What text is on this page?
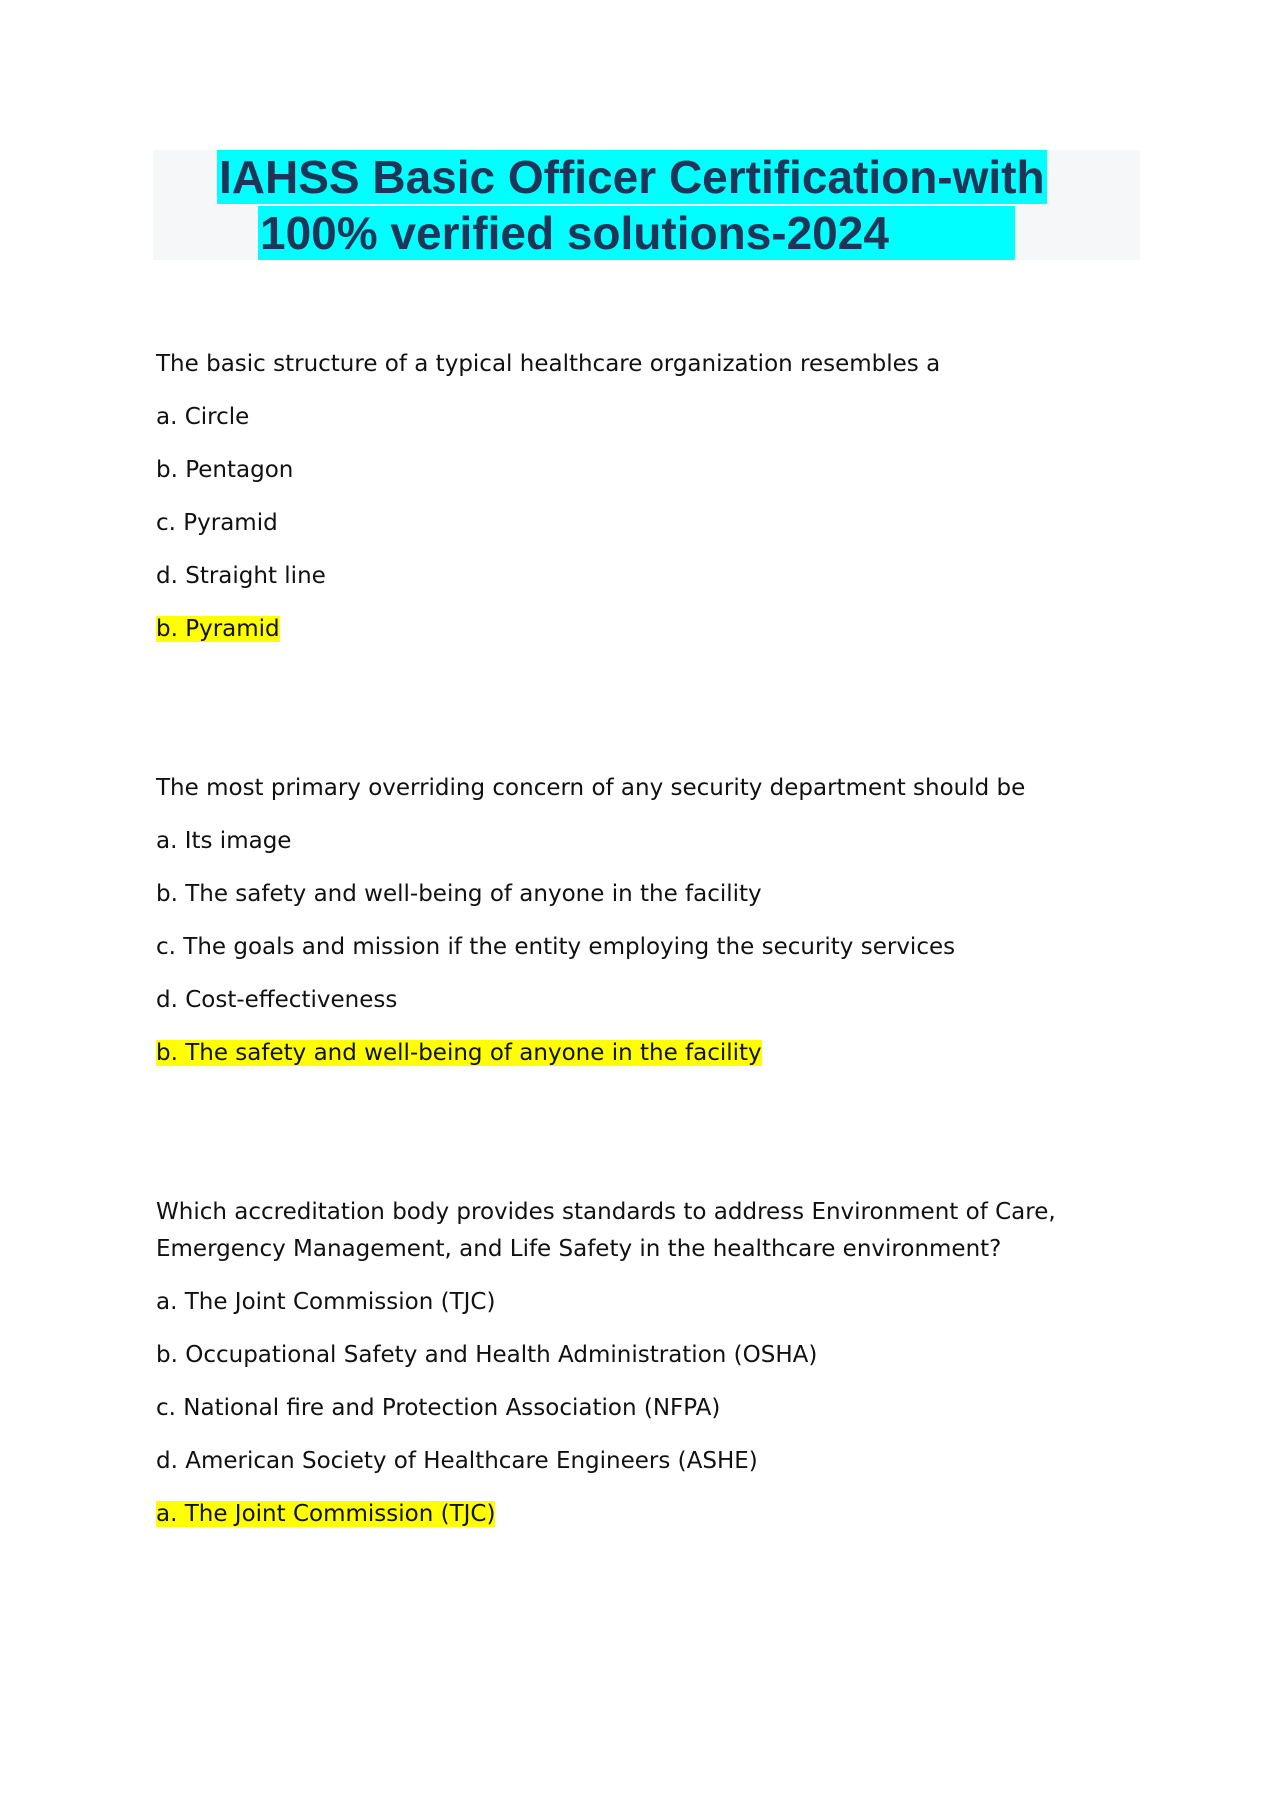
IAHSS Basic Officer Certification-with
100% verified solutions-2024

The basic structure of a typical healthcare organization resembles a

a. Circle

b. Pentagon

c. Pyramid

d. Straight line

b. Pyramid

The most primary overriding concern of any security department should be

a. Its image

b. The safety and well-being of anyone in the facility

c. The goals and mission if the entity employing the security services

d. Cost-effectiveness

b. The safety and well-being of anyone in the facility

Which accreditation body provides standards to address Environment of Care,

Emergency Management, and Life Safety in the healthcare environment?

a. The Joint Commission (TJC)

b. Occupational Safety and Health Administration (OSHA)

c. National fire and Protection Association (NFPA)

d. American Society of Healthcare Engineers (ASHE)

a. The Joint Commission (TJC)
